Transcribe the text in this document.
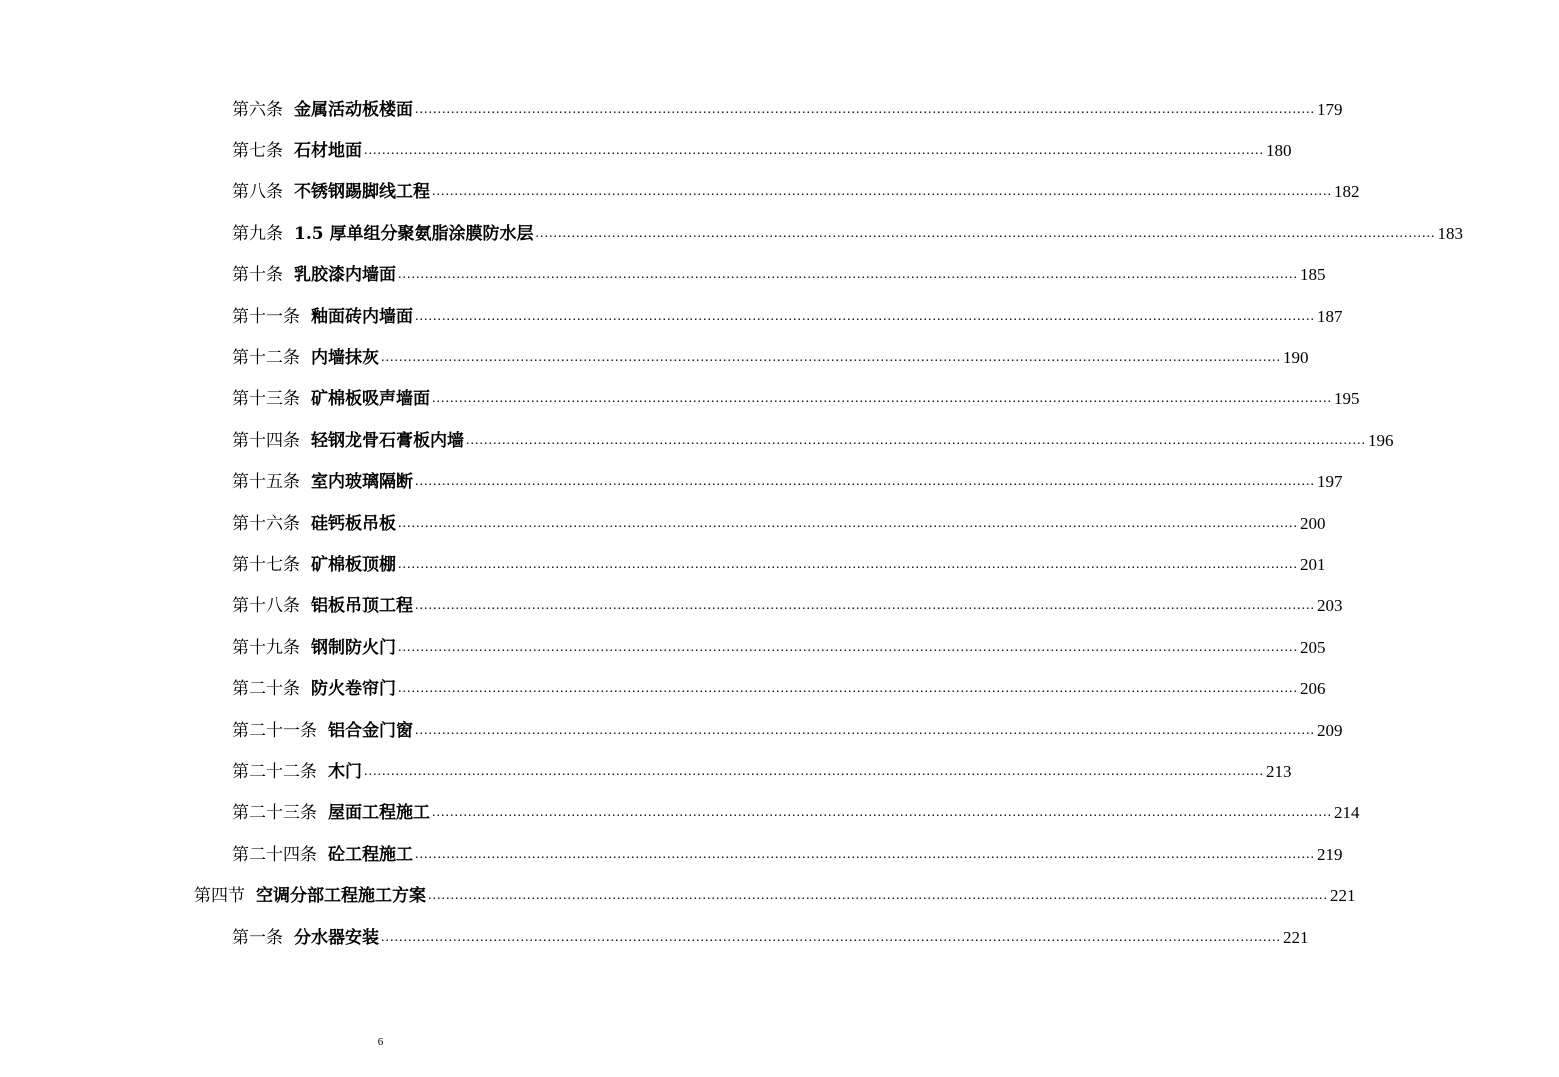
第六条 金属活动板楼面 ........................................................................................................................................................................................................ 179
第七条 石材地面 ........................................................................................................................................................................................................ 180
第八条 不锈钢踢脚线工程 ........................................................................................................................................................................................................ 182
第九条 1.5 厚单组分聚氨脂涂膜防水层 ........................................................................................................................................................................................................ 183
第十条 乳胶漆内墙面 ........................................................................................................................................................................................................ 185
第十一条 釉面砖内墙面 ........................................................................................................................................................................................................ 187
第十二条 内墙抹灰 ........................................................................................................................................................................................................ 190
第十三条 矿棉板吸声墙面 ........................................................................................................................................................................................................ 195
第十四条 轻钢龙骨石膏板内墙 ........................................................................................................................................................................................................ 196
第十五条 室内玻璃隔断 ........................................................................................................................................................................................................ 197
第十六条 硅钙板吊板 ........................................................................................................................................................................................................ 200
第十七条 矿棉板顶棚 ........................................................................................................................................................................................................ 201
第十八条 铝板吊顶工程 ........................................................................................................................................................................................................ 203
第十九条 钢制防火门 ........................................................................................................................................................................................................ 205
第二十条 防火卷帘门 ........................................................................................................................................................................................................ 206
第二十一条 铝合金门窗 ........................................................................................................................................................................................................ 209
第二十二条 木门 ........................................................................................................................................................................................................ 213
第二十三条 屋面工程施工 ........................................................................................................................................................................................................ 214
第二十四条 砼工程施工 ........................................................................................................................................................................................................ 219
第四节 空调分部工程施工方案 ........................................................................................................................................................................................................ 221
第一条 分水器安装 ........................................................................................................................................................................................................ 221
6
